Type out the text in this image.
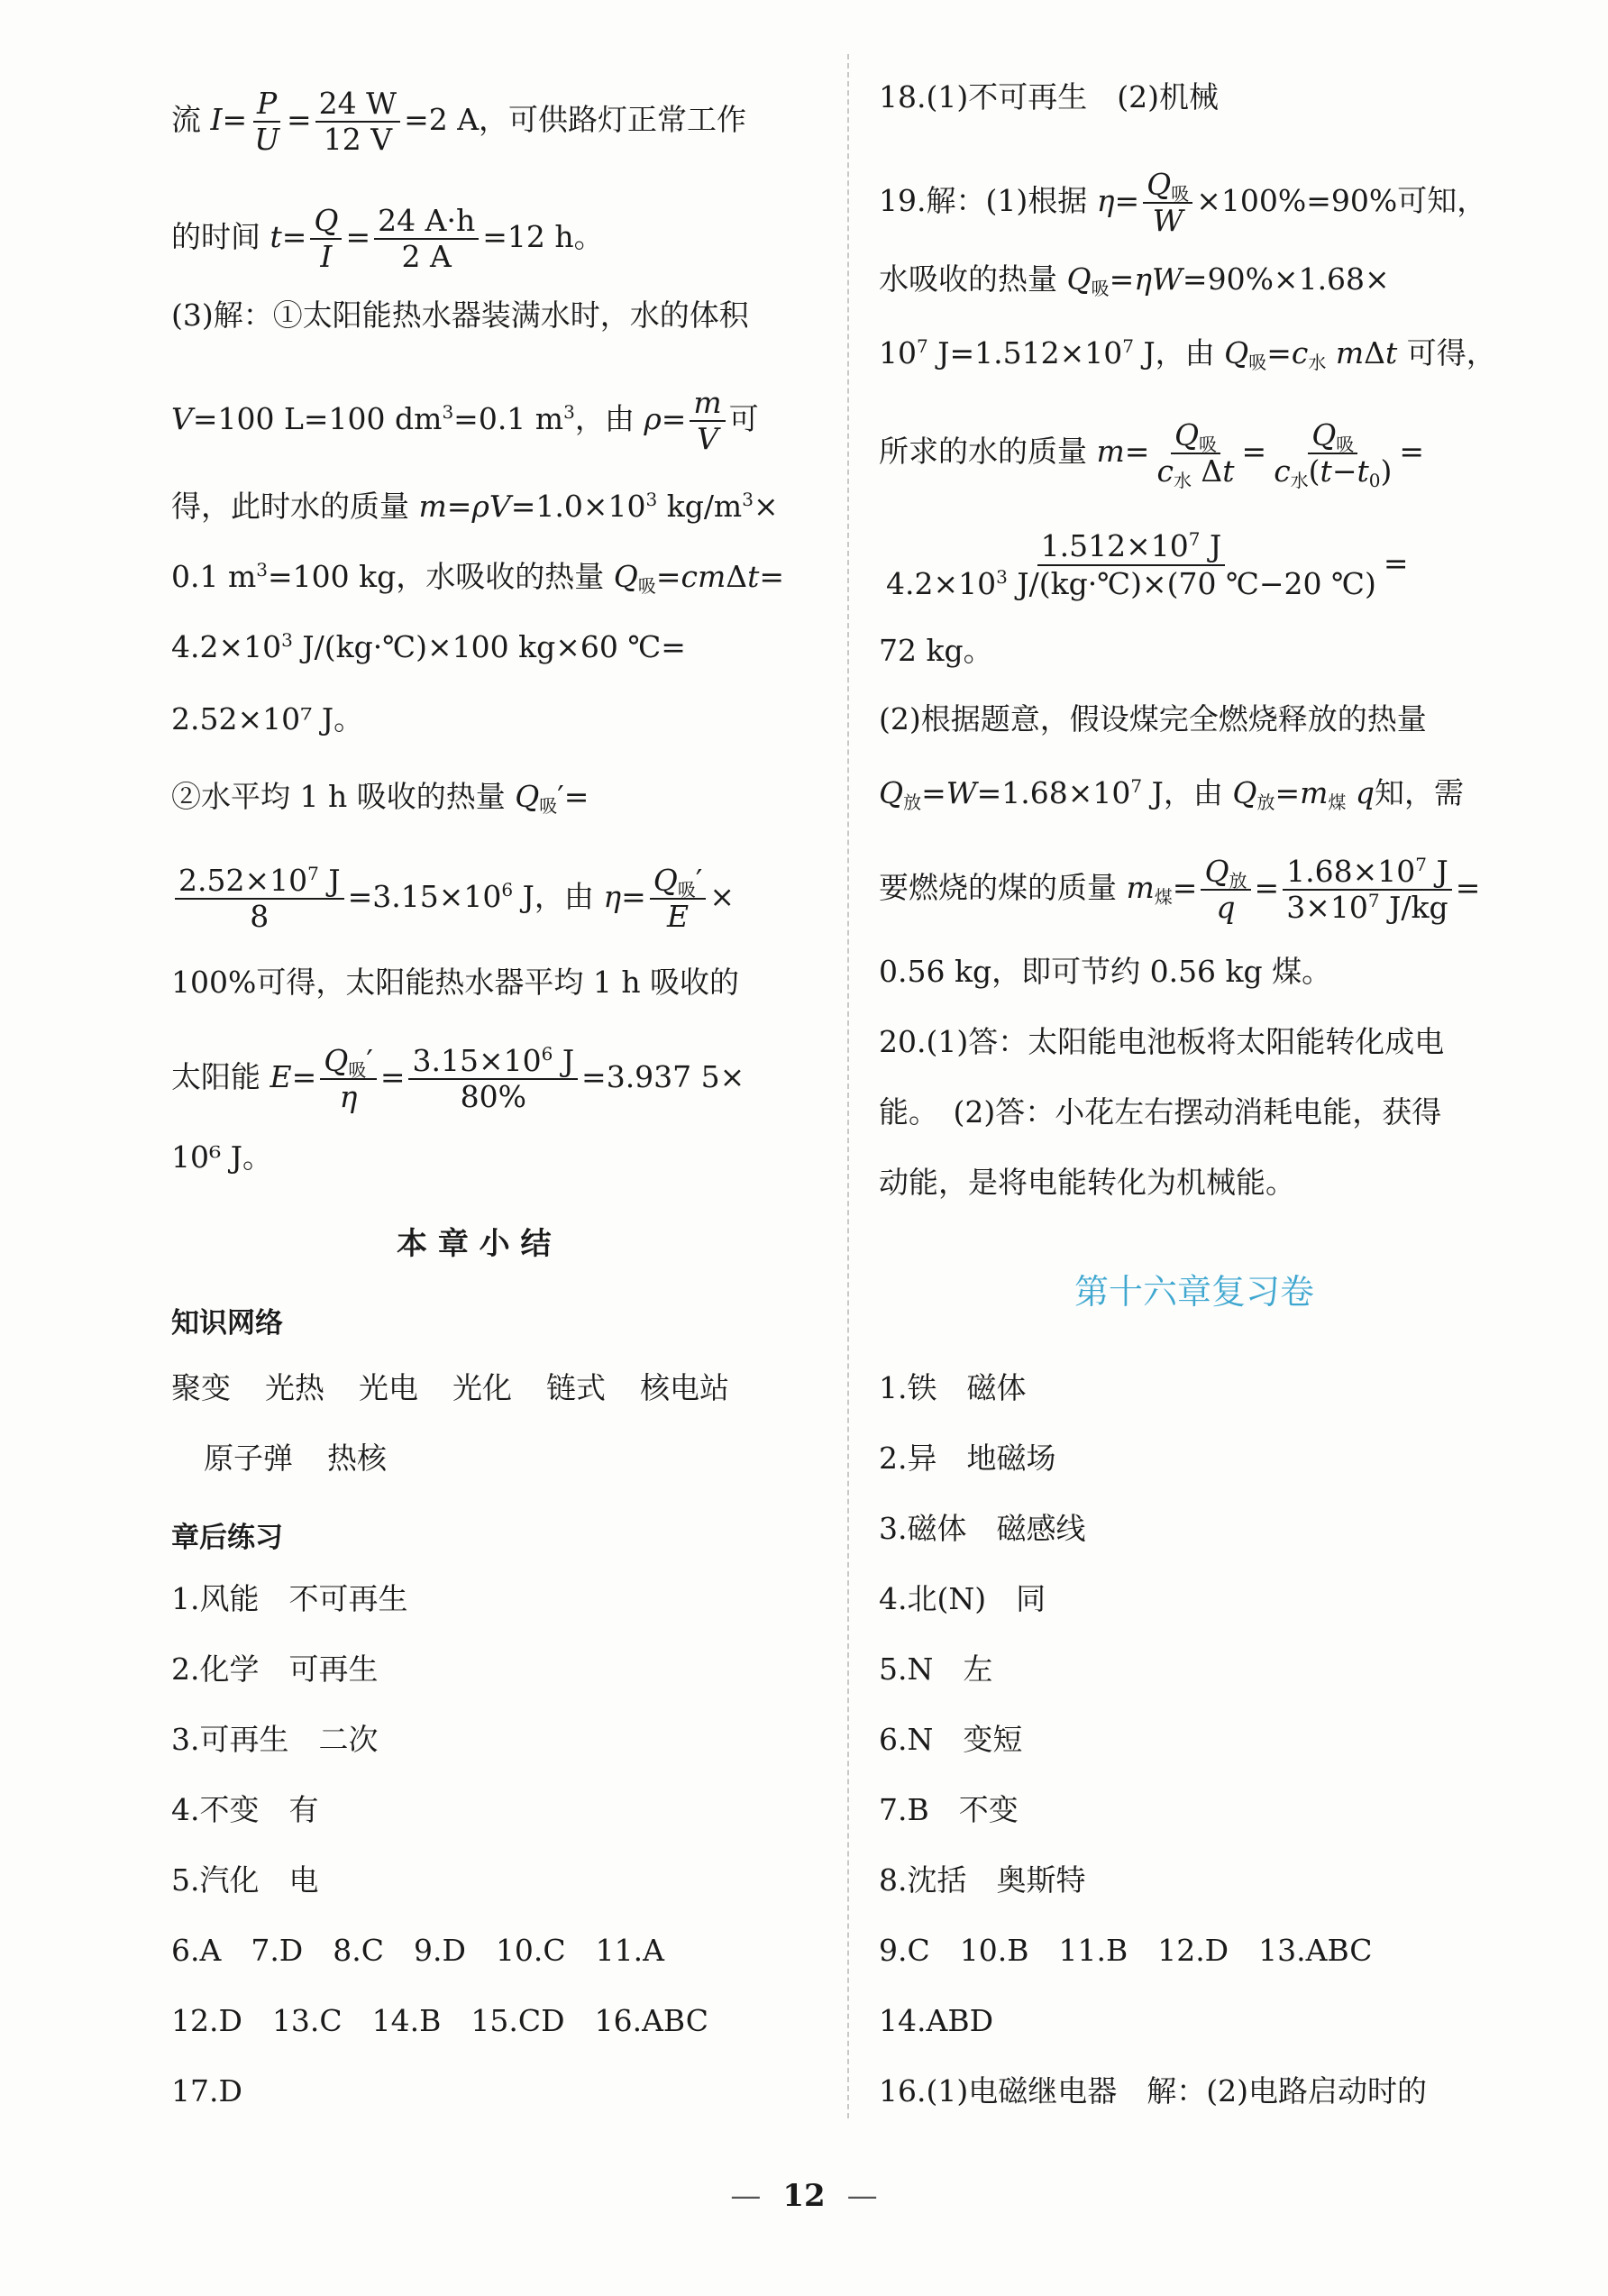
流 $I= \frac{P}{U} = \frac{24 W}{12 V} =2$ A，可供路灯正常工作
的时间 $t= \frac{Q}{I} = \frac{24 A\cdot h}{2 A} =12$ h。
(3)解：①太阳能热水器装满水时，水的体积
V=100 L=100 $dm^3=0.1$ $m^3$，由 $\rho= \frac{m}{V}$ 可
得，此时水的质量 $m=\rho V=1.0\times 10^3$ $kg/m^3\times$
0.1 $m^3=100$ kg，水吸收的热量 $Q_吸=cm\Delta t=$
$4.2\times 10^3$ J/(kg·℃)×100 kg×60 ℃=
2.52×10⁷ J。
②水平均 1 h 吸收的热量 $Q_吸'=$
$\frac{2.52\times 10^7 J}{8} =3.15\times 10^6$ J，由 $\eta= \frac{Q_吸'}{E}$ ×
100%可得，太阳能热水器平均 1 h 吸收的
太阳能 $E= \frac{Q_吸'}{\eta} = \frac{3.15\times 10^6 J}{80\%} =3.937$ 5×
10⁶ J。
本 章 小 结
知识网络
聚变 光热 光电 光化 链式 核电站
原子弹 热核
章后练习
1.风能　不可再生
2.化学　可再生
3.可再生　二次
4.不变　有
5.汽化　电
6.A　7.D　8.C　9.D　10.C　11.A
12.D　13.C　14.B　15.CD　16.ABC
17.D
18.(1)不可再生　(2)机械
19.解：(1)根据 $\eta= \frac{Q_吸}{W} \times 100\%=90\%$可知，
水吸收的热量 $Q_吸=\eta W=90\%\times 1.68\times$
$10^7$ $J=1.512\times 10^7$ J，由 $Q_吸=c_水$ mΔt 可得，
所求的水的质量 $m= \frac{Q_吸}{c_水 \Delta t} = \frac{Q_吸}{c_水(t-t_0)}$ =
$\frac{1.512\times 10^7 J}{4.2\times 10^3 J/(kg\cdot℃)\times(70 ℃-20 ℃)}$ =
72 kg。
(2)根据题意，假设煤完全燃烧释放的热量
$Q_放=W=1.68\times 10^7$ J，由 $Q_放=m_煤$ q知，需
要燃烧的煤的质量 $m_煤= \frac{Q_放}{q} = \frac{1.68\times 10^7 J}{3\times 10^7 J/kg}$ =
0.56 kg，即可节约 0.56 kg 煤。
20.(1)答：太阳能电池板将太阳能转化成电
能。　(2)答：小花左右摆动消耗电能，获得
动能，是将电能转化为机械能。
第十六章复习卷
1.铁　磁体
2.异　地磁场
3.磁体　磁感线
4.北(N)　同
5.N　左
6.N　变短
7.B　不变
8.沈括　奥斯特
9.C　10.B　11.B　12.D　13.ABC
14.ABD
16.(1)电磁继电器　解：(2)电路启动时的
— 12 —
